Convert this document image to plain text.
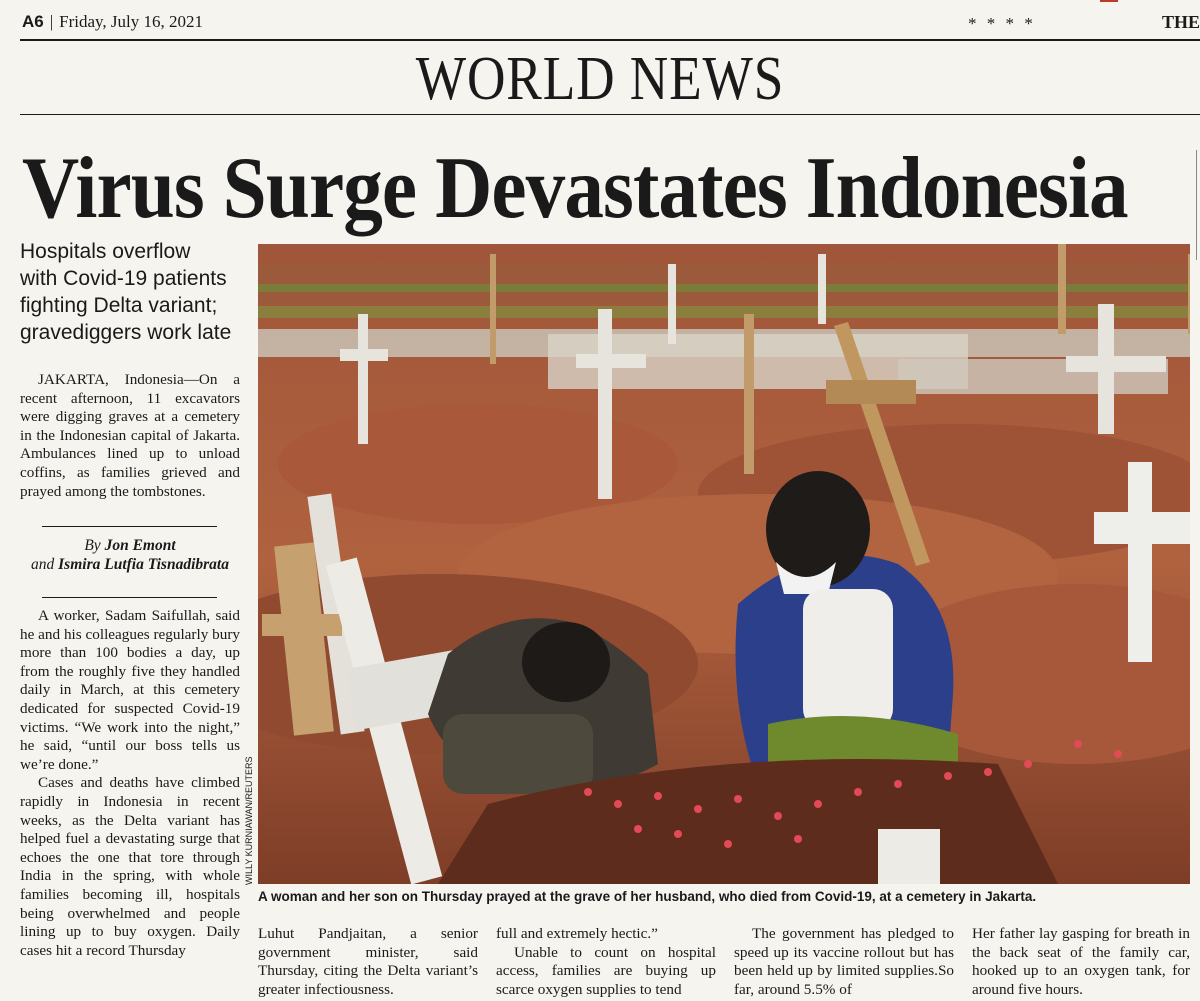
A6 | Friday, July 16, 2021	* * * *	THE
WORLD NEWS
Virus Surge Devastates Indonesia
Hospitals overflow
with Covid-19 patients
fighting Delta variant;
gravediggers work late

JAKARTA, Indonesia—On a recent afternoon, 11 excavators were digging graves at a cemetery in the Indonesian capital of Jakarta. Ambulances lined up to unload coffins, as families grieved and prayed among the tombstones.

By Jon Emont
and Ismira Lutfia Tisnadibrata

A worker, Sadam Saifullah, said he and his colleagues regularly bury more than 100 bodies a day, up from the roughly five they handled daily in March, at this cemetery dedicated for suspected Covid-19 victims. “We work into the night,” he said, “until our boss tells us we’re done.”

Cases and deaths have climbed rapidly in Indonesia in recent weeks, as the Delta variant has helped fuel a devastating surge that echoes the one that tore through India in the spring, with whole families becoming ill, hospitals being overwhelmed and people lining up to buy oxygen. Daily cases hit a record Thursday

WILLY KURNIAWAN/REUTERS
A woman and her son on Thursday prayed at the grave of her husband, who died from Covid-19, at a cemetery in Jakarta.

Luhut Pandjaitan, a senior government minister, said Thursday, citing the Delta variant’s greater infectiousness.

full and extremely hectic.”

Unable to count on hospital access, families are buying up scarce oxygen supplies to tend

The government has pledged to speed up its vaccine rollout but has been held up by limited supplies.So far, around 5.5% of

Her father lay gasping for breath in the back seat of the family car, hooked up to an oxygen tank, for around five hours.
